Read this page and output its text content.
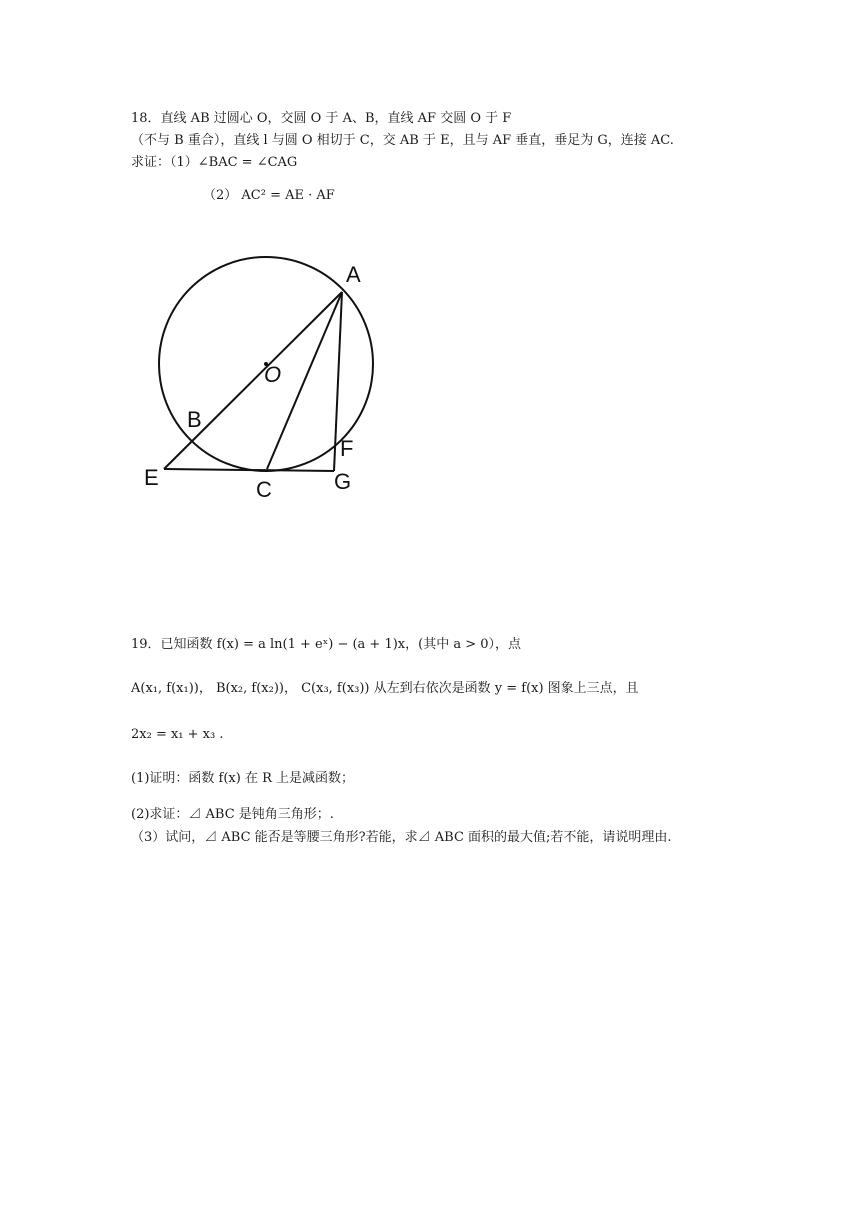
18．直线 AB 过圆心 O，交圆 O 于 A、B，直线 AF 交圆 O 于 F
（不与 B 重合），直线 l 与圆 O 相切于 C，交 AB 于 E，且与 AF 垂直，垂足为 G，连接 AC.
求证：（1）∠BAC = ∠CAG
（2） AC² = AE · AF
A
O
B
E	C
F
G
19．已知函数 f(x) = a ln(1 + eˣ) − (a + 1)x，(其中 a > 0），点
A(x₁, f(x₁))， B(x₂, f(x₂))， C(x₃, f(x₃)) 从左到右依次是函数 y = f(x) 图象上三点，且
2x₂ = x₁ + x₃ .
(1)证明：函数 f(x) 在 R 上是减函数；
(2)求证：⊿ ABC 是钝角三角形；.
（3）试问，⊿ ABC 能否是等腰三角形?若能，求⊿ ABC 面积的最大值;若不能，请说明理由.
